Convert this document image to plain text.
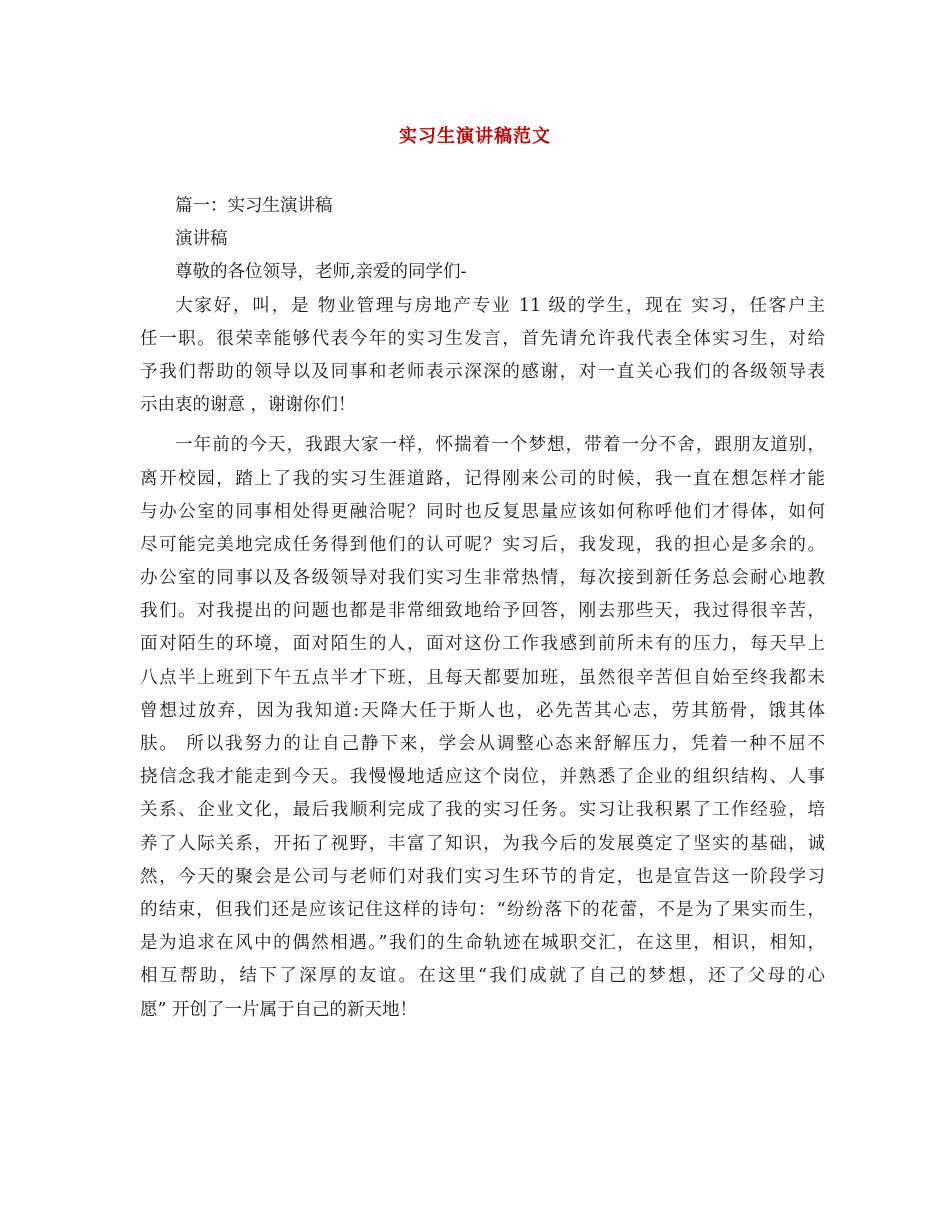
实习生演讲稿范文
篇一：实习生演讲稿
演讲稿
尊敬的各位领导，老师,亲爱的同学们-
大家好，叫，是 物业管理与房地产专业 11 级的学生，现在 实习，任客户主
任一职。很荣幸能够代表今年的实习生发言，首先请允许我代表全体实习生，对给
予我们帮助的领导以及同事和老师表示深深的感谢，对一直关心我们的各级领导表
示由衷的谢意 ，谢谢你们！
一年前的今天，我跟大家一样，怀揣着一个梦想，带着一分不舍，跟朋友道别，
离开校园，踏上了我的实习生涯道路，记得刚来公司的时候，我一直在想怎样才能
与办公室的同事相处得更融洽呢？同时也反复思量应该如何称呼他们才得体，如何
尽可能完美地完成任务得到他们的认可呢？实习后，我发现，我的担心是多余的。
办公室的同事以及各级领导对我们实习生非常热情，每次接到新任务总会耐心地教
我们。对我提出的问题也都是非常细致地给予回答，刚去那些天，我过得很辛苦，
面对陌生的环境，面对陌生的人，面对这份工作我感到前所未有的压力，每天早上
八点半上班到下午五点半才下班，且每天都要加班，虽然很辛苦但自始至终我都未
曾想过放弃，因为我知道:天降大任于斯人也，必先苦其心志，劳其筋骨，饿其体
肤。 所以我努力的让自己静下来，学会从调整心态来舒解压力，凭着一种不屈不
挠信念我才能走到今天。我慢慢地适应这个岗位，并熟悉了企业的组织结构、人事
关系、企业文化，最后我顺利完成了我的实习任务。实习让我积累了工作经验，培
养了人际关系，开拓了视野，丰富了知识，为我今后的发展奠定了坚实的基础，诚
然，今天的聚会是公司与老师们对我们实习生环节的肯定，也是宣告这一阶段学习
的结束，但我们还是应该记住这样的诗句：“纷纷落下的花蕾，不是为了果实而生，
是为追求在风中的偶然相遇。”我们的生命轨迹在城职交汇，在这里，相识，相知，
相互帮助，结下了深厚的友谊。在这里“我们成就了自己的梦想，还了父母的心
愿” 开创了一片属于自己的新天地！
